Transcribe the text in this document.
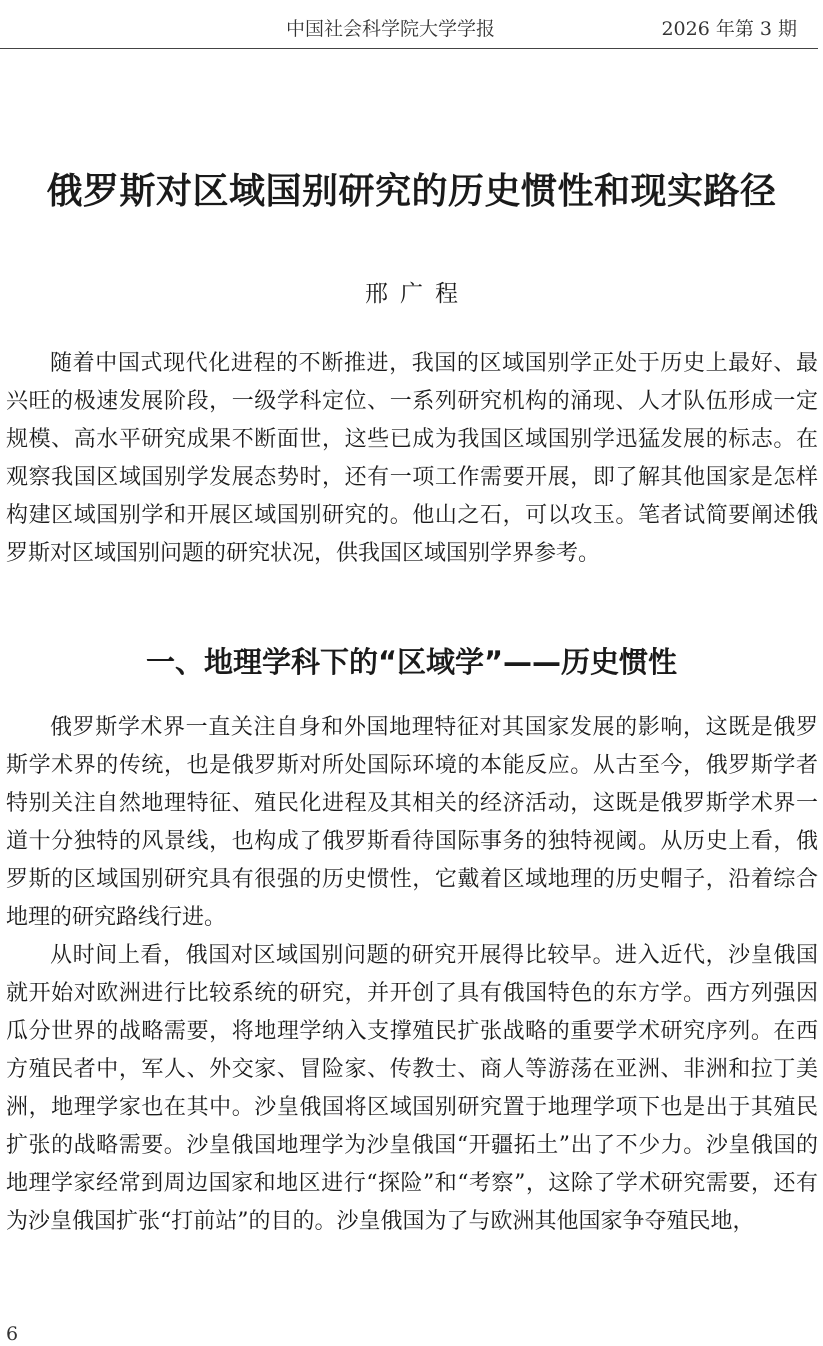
中国社会科学院大学学报	2026 年第 3 期
俄罗斯对区域国别研究的历史惯性和现实路径
邢广程

随着中国式现代化进程的不断推进，我国的区域国别学正处于历史上最好、最兴旺的极速发展阶段，一级学科定位、一系列研究机构的涌现、人才队伍形成一定规模、高水平研究成果不断面世，这些已成为我国区域国别学迅猛发展的标志。在观察我国区域国别学发展态势时，还有一项工作需要开展，即了解其他国家是怎样构建区域国别学和开展区域国别研究的。他山之石，可以攻玉。笔者试简要阐述俄罗斯对区域国别问题的研究状况，供我国区域国别学界参考。

一、地理学科下的“区域学”——历史惯性

俄罗斯学术界一直关注自身和外国地理特征对其国家发展的影响，这既是俄罗斯学术界的传统，也是俄罗斯对所处国际环境的本能反应。从古至今，俄罗斯学者特别关注自然地理特征、殖民化进程及其相关的经济活动，这既是俄罗斯学术界一道十分独特的风景线，也构成了俄罗斯看待国际事务的独特视阈。从历史上看，俄罗斯的区域国别研究具有很强的历史惯性，它戴着区域地理的历史帽子，沿着综合地理的研究路线行进。

从时间上看，俄国对区域国别问题的研究开展得比较早。进入近代，沙皇俄国就开始对欧洲进行比较系统的研究，并开创了具有俄国特色的东方学。西方列强因瓜分世界的战略需要，将地理学纳入支撑殖民扩张战略的重要学术研究序列。在西方殖民者中，军人、外交家、冒险家、传教士、商人等游荡在亚洲、非洲和拉丁美洲，地理学家也在其中。沙皇俄国将区域国别研究置于地理学项下也是出于其殖民扩张的战略需要。沙皇俄国地理学为沙皇俄国“开疆拓土”出了不少力。沙皇俄国的地理学家经常到周边国家和地区进行“探险”和“考察”，这除了学术研究需要，还有为沙皇俄国扩张“打前站”的目的。沙皇俄国为了与欧洲其他国家争夺殖民地，

6
